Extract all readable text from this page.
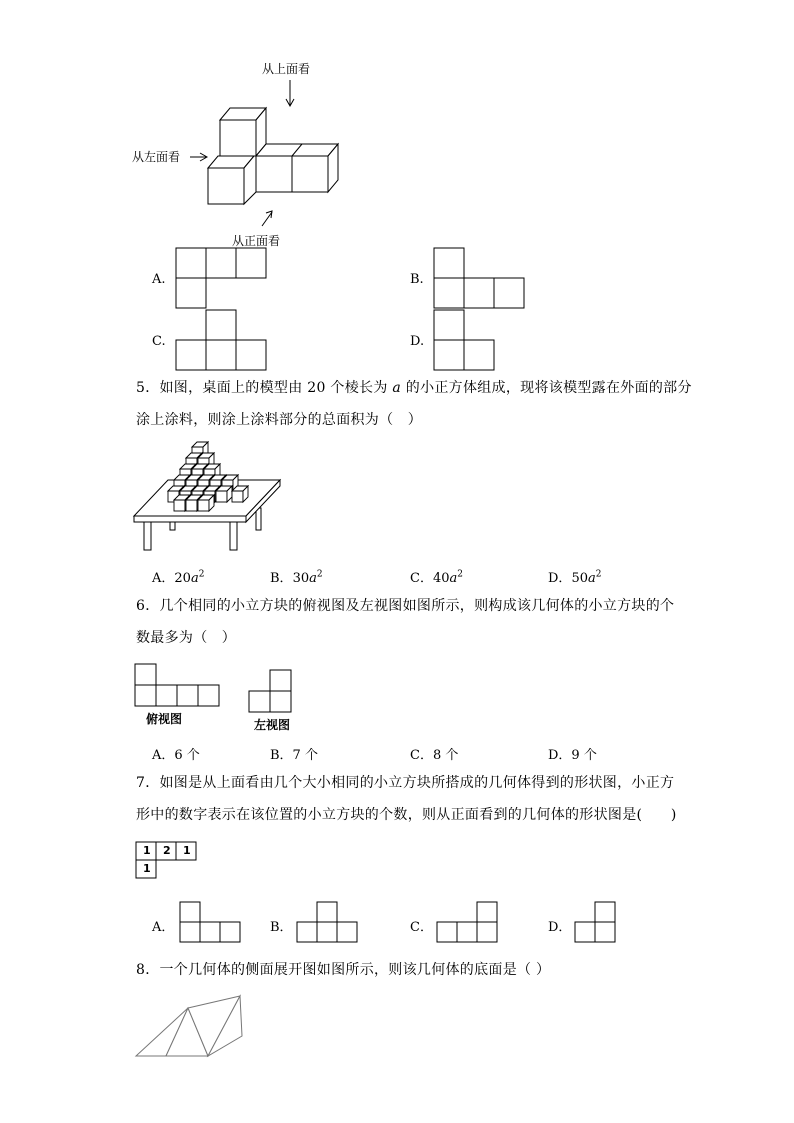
从上面看
从左面看
从正面看
A.	B.
C.	D.
5．如图，桌面上的模型由 20 个棱长为 a 的小正方体组成，现将该模型露在外面的部分
涂上涂料，则涂上涂料部分的总面积为（　）
A．$20a^2$	B．$30a^2$	C．$40a^2$	D．$50a^2$
6．几个相同的小立方块的俯视图及左视图如图所示，则构成该几何体的小立方块的个
数最多为（　）
俯视图	左视图
A．6 个	B．7 个	C．8 个	D．9 个
7．如图是从上面看由几个大小相同的小立方块所搭成的几何体得到的形状图，小正方
形中的数字表示在该位置的小立方块的个数，则从正面看到的几何体的形状图是(　　)
1 2 1
1
A．	B．	C．	D．
8．一个几何体的侧面展开图如图所示，则该几何体的底面是（ ）
